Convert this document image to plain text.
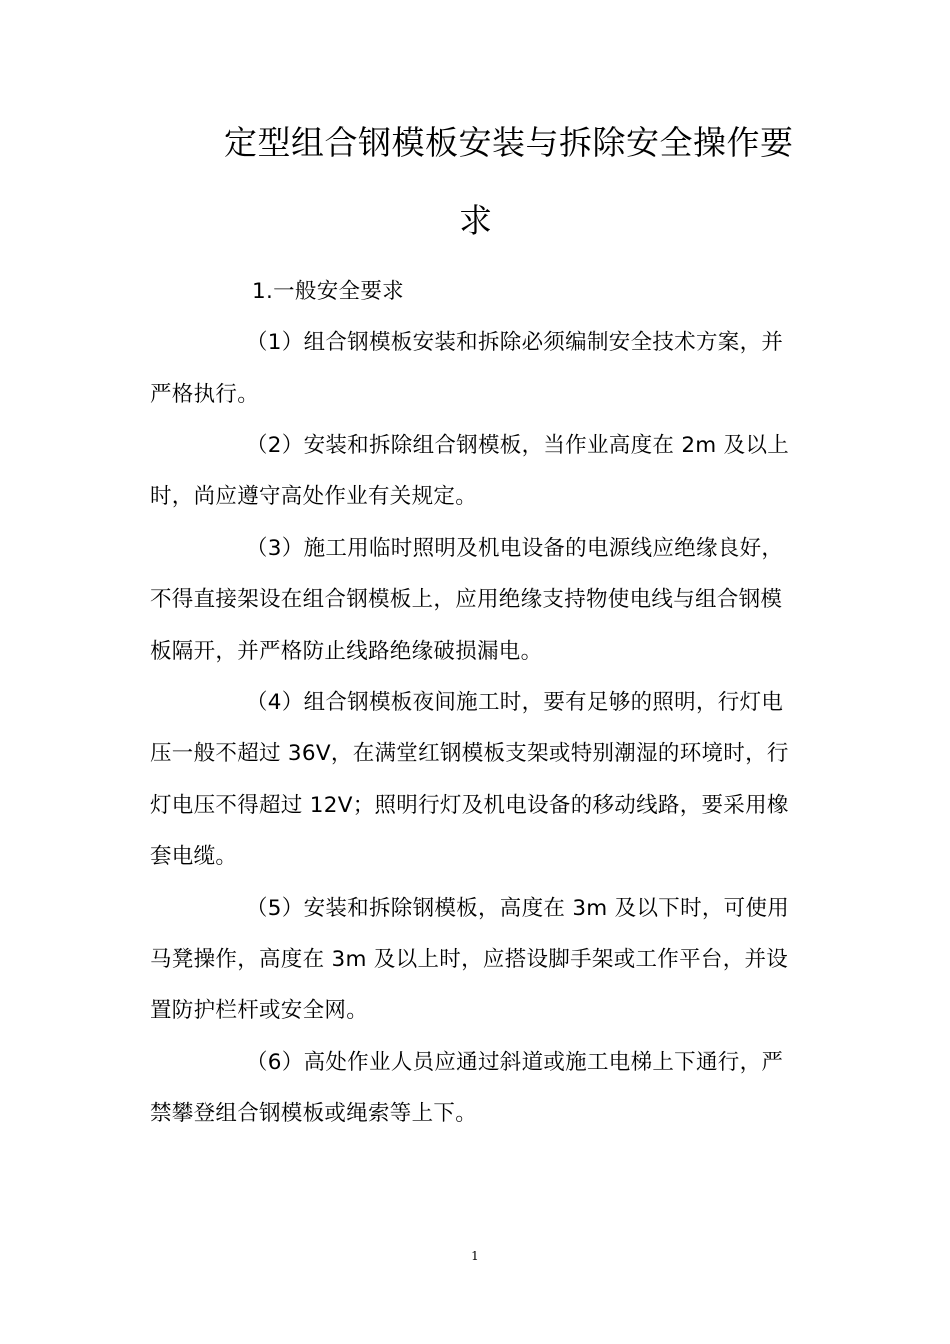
定型组合钢模板安装与拆除安全操作要
求
1.一般安全要求
（1）组合钢模板安装和拆除必须编制安全技术方案，并
严格执行。
（2）安装和拆除组合钢模板，当作业高度在 2m 及以上
时，尚应遵守高处作业有关规定。
（3）施工用临时照明及机电设备的电源线应绝缘良好，
不得直接架设在组合钢模板上，应用绝缘支持物使电线与组合钢模
板隔开，并严格防止线路绝缘破损漏电。
（4）组合钢模板夜间施工时，要有足够的照明，行灯电
压一般不超过 36V，在满堂红钢模板支架或特别潮湿的环境时，行
灯电压不得超过 12V；照明行灯及机电设备的移动线路，要采用橡
套电缆。
（5）安装和拆除钢模板，高度在 3m 及以下时，可使用
马凳操作，高度在 3m 及以上时，应搭设脚手架或工作平台，并设
置防护栏杆或安全网。
（6）高处作业人员应通过斜道或施工电梯上下通行，严
禁攀登组合钢模板或绳索等上下。
1
